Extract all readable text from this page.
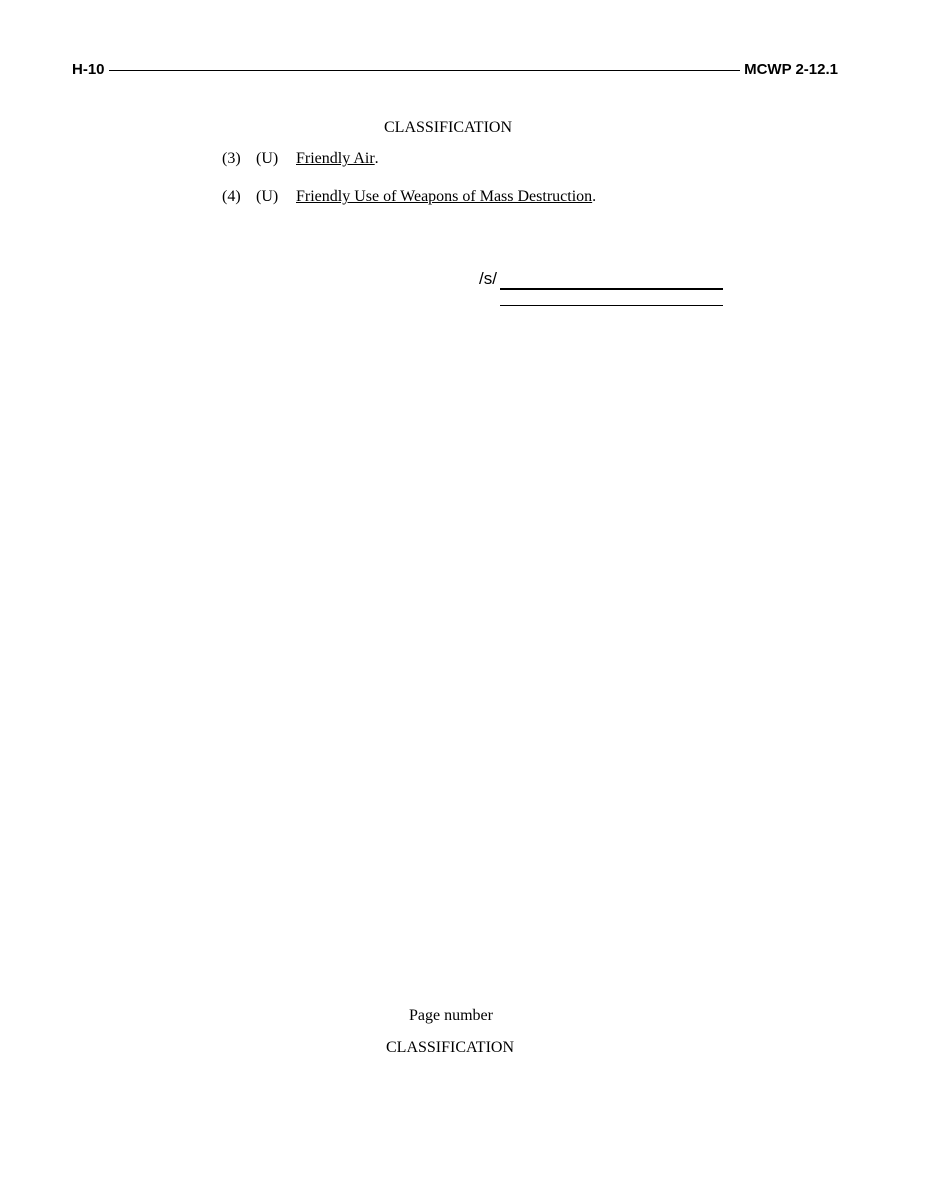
H-10	MCWP 2-12.1
CLASSIFICATION
(3) (U)	Friendly Air .
(4) (U)	Friendly Use of Weapons of Mass Destruction .
/s/
Page number
CLASSIFICATION
